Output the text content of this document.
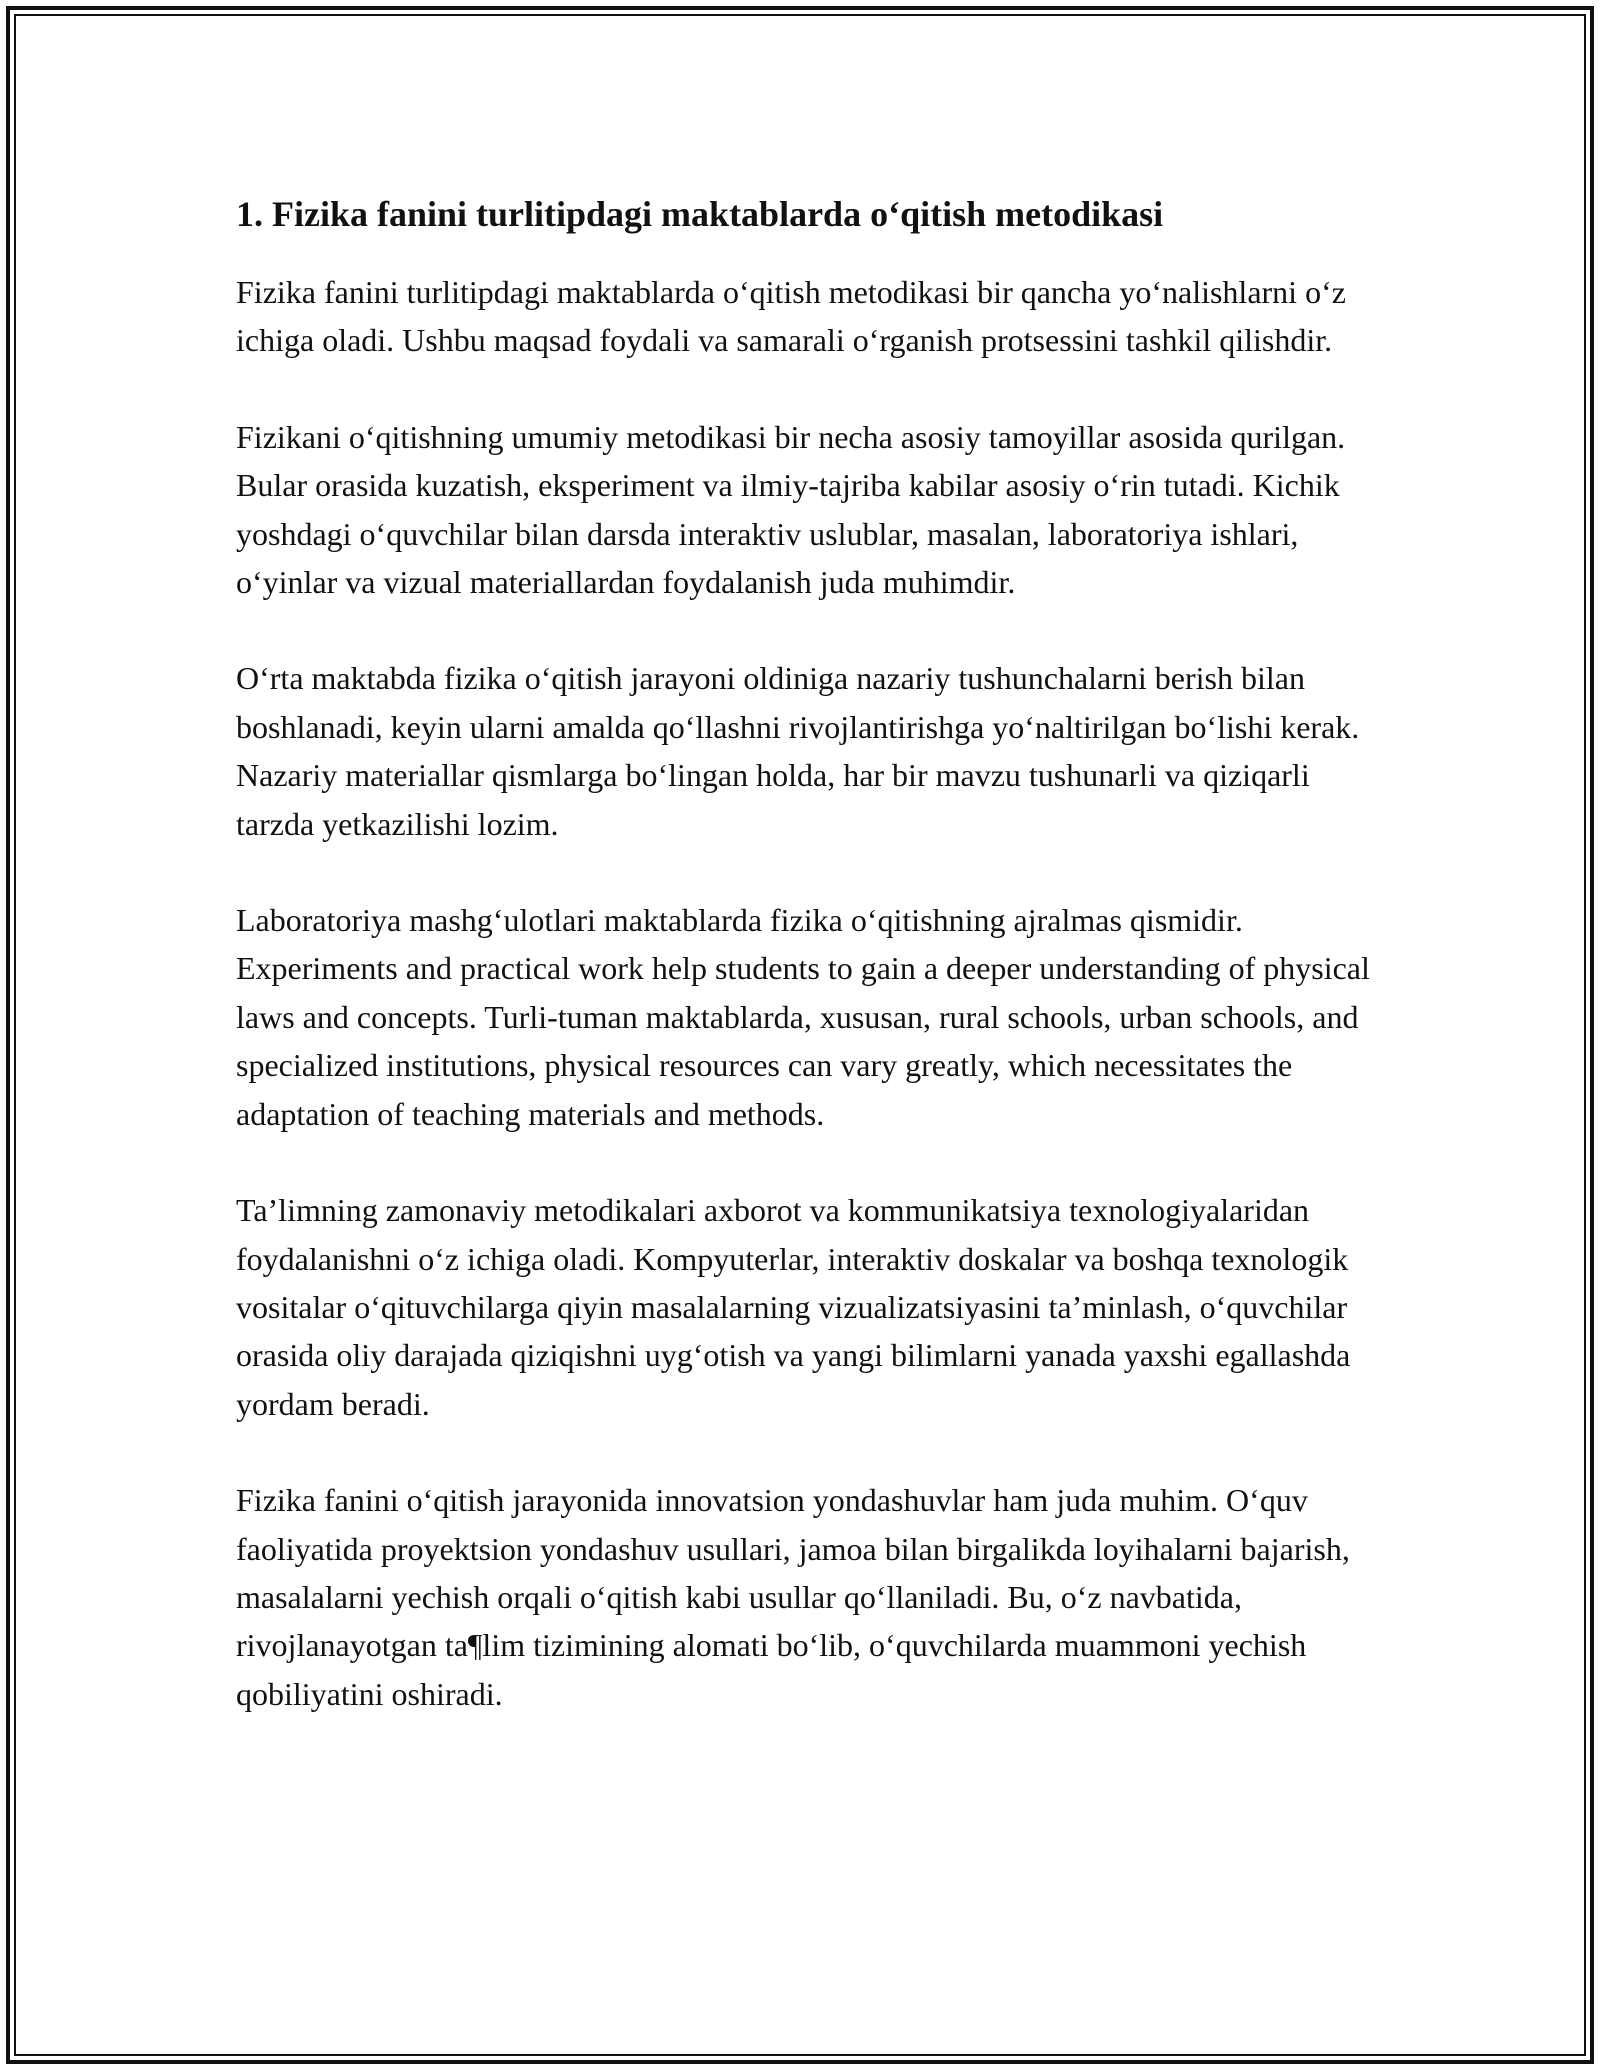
1. Fizika fanini turlitipdagi maktablarda o‘qitish metodikasi

Fizika fanini turlitipdagi maktablarda o‘qitish metodikasi bir qancha yo‘nalishlarni o‘z ichiga oladi. Ushbu maqsad foydali va samarali o‘rganish protsessini tashkil qilishdir.

Fizikani o‘qitishning umumiy metodikasi bir necha asosiy tamoyillar asosida qurilgan. Bular orasida kuzatish, eksperiment va ilmiy-tajriba kabilar asosiy o‘rin tutadi. Kichik yoshdagi o‘quvchilar bilan darsda interaktiv uslublar, masalan, laboratoriya ishlari, o‘yinlar va vizual materiallardan foydalanish juda muhimdir.

O‘rta maktabda fizika o‘qitish jarayoni oldiniga nazariy tushunchalarni berish bilan boshlanadi, keyin ularni amalda qo‘llashni rivojlantirishga yo‘naltirilgan bo‘lishi kerak. Nazariy materiallar qismlarga bo‘lingan holda, har bir mavzu tushunarli va qiziqarli tarzda yetkazilishi lozim.

Laboratoriya mashg‘ulotlari maktablarda fizika o‘qitishning ajralmas qismidir. Experiments and practical work help students to gain a deeper understanding of physical laws and concepts. Turli-tuman maktablarda, xususan, rural schools, urban schools, and specialized institutions, physical resources can vary greatly, which necessitates the adaptation of teaching materials and methods.

Ta’limning zamonaviy metodikalari axborot va kommunikatsiya texnologiyalaridan foydalanishni o‘z ichiga oladi. Kompyuterlar, interaktiv doskalar va boshqa texnologik vositalar o‘qituvchilarga qiyin masalalarning vizualizatsiyasini ta’minlash, o‘quvchilar orasida oliy darajada qiziqishni uyg‘otish va yangi bilimlarni yanada yaxshi egallashda yordam beradi.

Fizika fanini o‘qitish jarayonida innovatsion yondashuvlar ham juda muhim. O‘quv faoliyatida proyektsion yondashuv usullari, jamoa bilan birgalikda loyihalarni bajarish, masalalarni yechish orqali o‘qitish kabi usullar qo‘llaniladi. Bu, o‘z navbatida, rivojlanayotgan ta¶lim tizimining alomati bo‘lib, o‘quvchilarda muammoni yechish qobiliyatini oshiradi.
